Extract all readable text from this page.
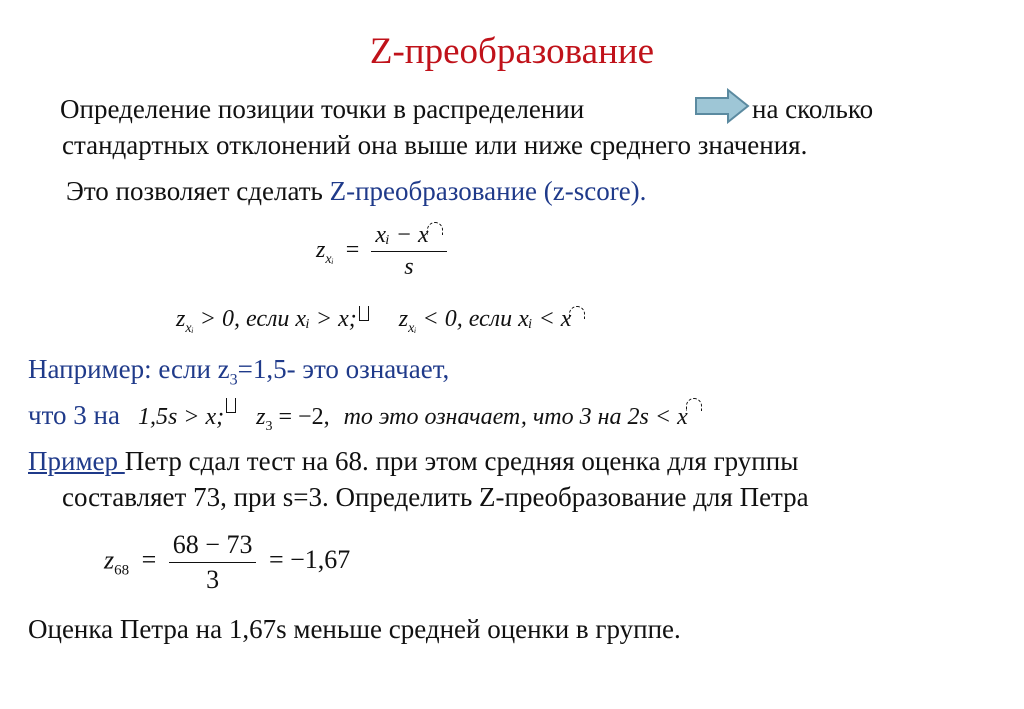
Z-преобразование
Определение позиции точки в распределении	на сколько
стандартных отклонений она выше или ниже среднего значения.
Это позволяет сделать Z-преобразование (z-score).
$z_{xᵢ} = \frac{\text{xᵢ − x}}{s}$
$z_{xᵢ} > 0$, если xᵢ > x; $z_{xᵢ} < 0$, если xᵢ < x
Например: если $z_3=1,5-$ это означает,
что 3 на 1,5s > x; $z_3 = -2$, то это означает, что 3 на 2s < x
Пример Петр сдал тест на 68. при этом средняя оценка для группы
составляет 73, при s=3. Определить Z-преобразование для Петра
$z_{68} = \frac{68 - 73}{3} = -1,67$
Оценка Петра на 1,67s меньше средней оценки в группе.
